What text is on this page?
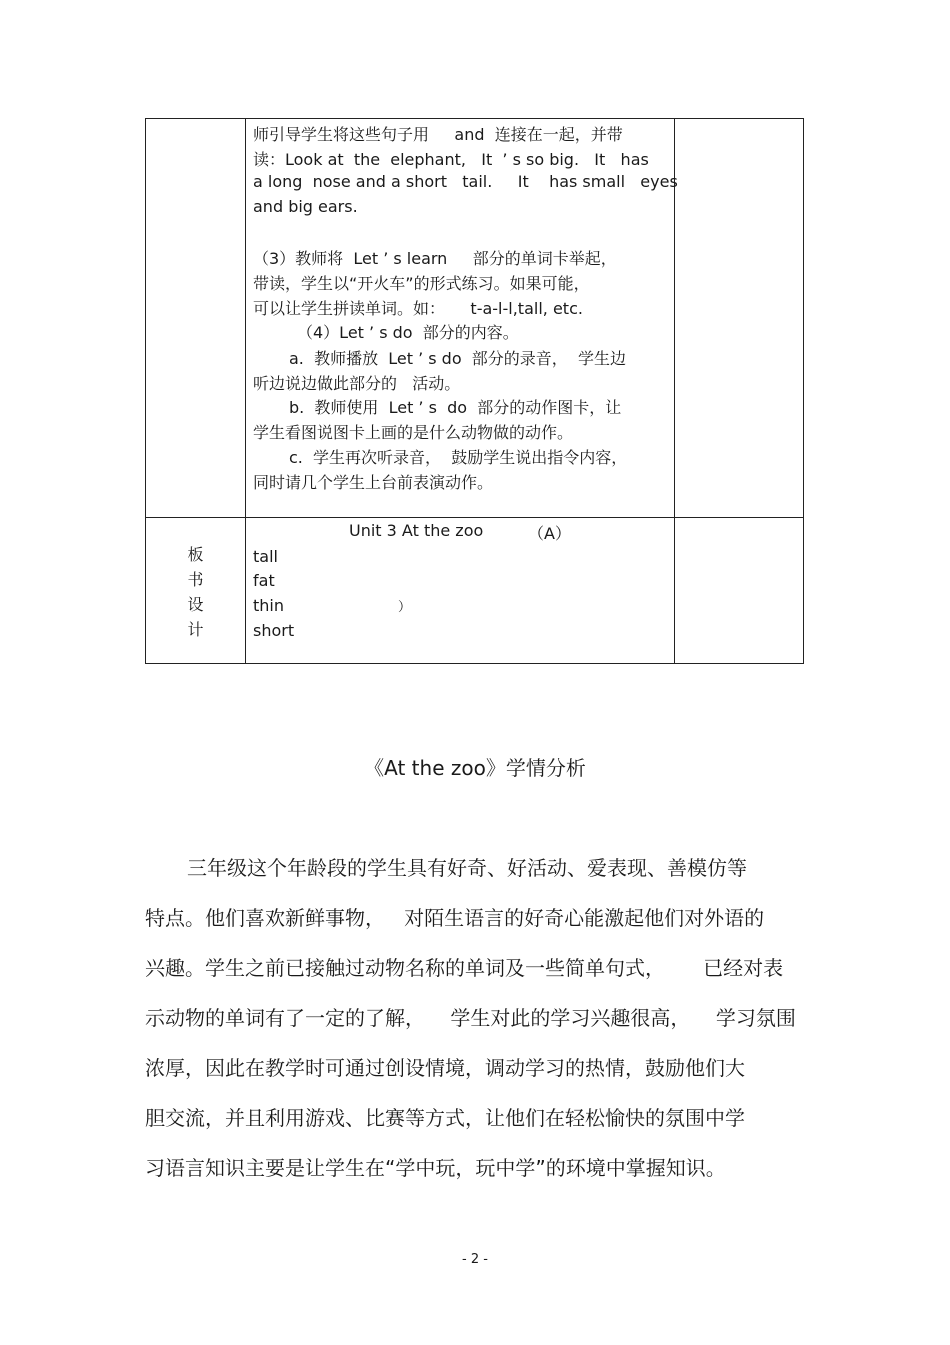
师引导学生将这些句子用     and  连接在一起，并带
读：Look at  the  elephant,   It  ’ s so big.   It   has
a long  nose and a short   tail.     It    has small   eyes
and big ears.
（3）教师将  Let ’ s learn     部分的单词卡举起，
带读，学生以“开火车”的形式练习。如果可能，
可以让学生拼读单词。如：     t-a-l-l,tall, etc.
（4）Let ’ s do  部分的内容。
a.  教师播放  Let ’ s do  部分的录音，  学生边
听边说边做此部分的   活动。
b.  教师使用  Let ’ s  do  部分的动作图卡，让
学生看图说图卡上画的是什么动物做的动作。
c.  学生再次听录音，  鼓励学生说出指令内容，
同时请几个学生上台前表演动作。
板
书
设
计
Unit 3 At the zoo	（A）
tall
fat
thin	）
short
《At the zoo》学情分析
三年级这个年龄段的学生具有好奇、好活动、爱表现、善模仿等
特点。他们喜欢新鲜事物，   对陌生语言的好奇心能激起他们对外语的
兴趣。学生之前已接触过动物名称的单词及一些简单句式，      已经对表
示动物的单词有了一定的了解，    学生对此的学习兴趣很高，    学习氛围
浓厚，因此在教学时可通过创设情境，调动学习的热情，鼓励他们大
胆交流，并且利用游戏、比赛等方式，让他们在轻松愉快的氛围中学
习语言知识主要是让学生在“学中玩，玩中学”的环境中掌握知识。
- 2 -
